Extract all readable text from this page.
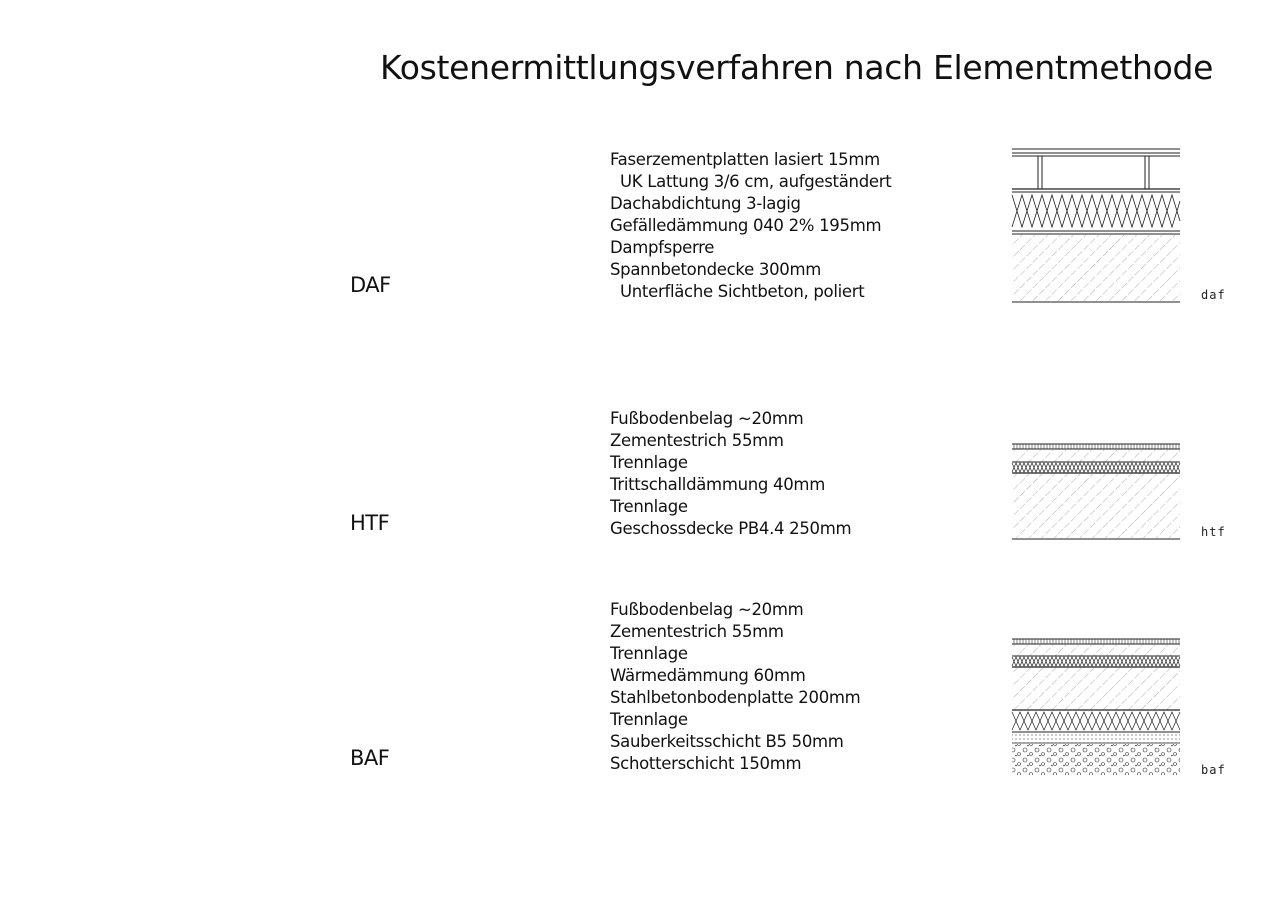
Kostenermittlungsverfahren nach Elementmethode
DAF
Faserzementplatten lasiert 15mm
UK Lattung 3/6 cm, aufgeständert
Dachabdichtung 3-lagig
Gefälledämmung 040 2% 195mm
Dampfsperre
Spannbetondecke 300mm
Unterfläche Sichtbeton, poliert	daf
HTF
Fußbodenbelag ~20mm
Zementestrich 55mm
Trennlage
Trittschalldämmung 40mm
Trennlage
Geschossdecke PB4.4 250mm	htf
BAF
Fußbodenbelag ~20mm
Zementestrich 55mm
Trennlage
Wärmedämmung 60mm
Stahlbetonbodenplatte 200mm
Trennlage
Sauberkeitsschicht B5 50mm
Schotterschicht 150mm	baf
